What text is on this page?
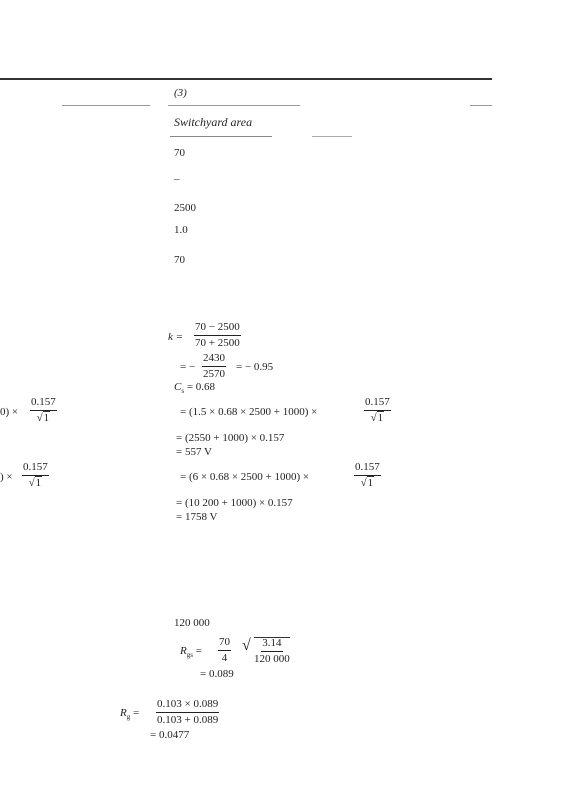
(3)
Switchyard area
70
–
2500
1.0
70
$k = \frac{70 - 2500}{70 + 2500}$
= − $\frac{2430}{2570}$ = − 0.95
$C_s = 0.68$
= (1.5 × 0.68 × 2500 + 1000) ×	$\frac{0.157}{√1}$
= (2550 + 1000) × 0.157
= 557 V
= (6 × 0.68 × 2500 + 1000) ×	$\frac{0.157}{√1}$
= (10 200 + 1000) × 0.157
= 1758 V
$0) \times \frac{0.157}{√1}$
) × $\frac{0.157}{√1}$
120 000
$R_{gs} = \frac{70}{4}$ √ $\frac{3.14}{120 000}$
= 0.089
$R_g = \frac{0.103 \times 0.089}{0.103 + 0.089}$
= 0.0477
